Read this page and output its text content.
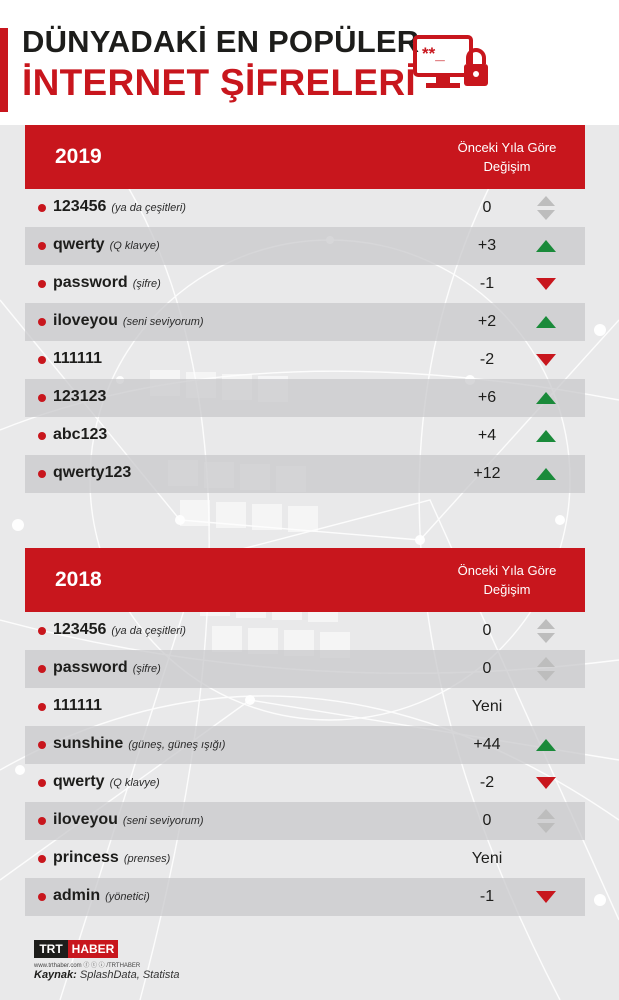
DÜNYADAKİ EN POPÜLER
İNTERNET ŞİFRELERİ
**_
2019	Önceki Yıla Göre
Değişim
123456 (ya da çeşitleri)	0
qwerty (Q klavye)	+3
password (şifre)	-1
iloveyou (seni seviyorum)	+2
111111	-2
123123	+6
abc123	+4
qwerty123	+12
2018	Önceki Yıla Göre
Değişim
123456 (ya da çeşitleri)	0
password (şifre)	0
111111	Yeni
sunshine (güneş, güneş ışığı)	+44
qwerty (Q klavye)	-2
iloveyou (seni seviyorum)	0
princess (prenses)	Yeni
admin (yönetici)	-1
TRT HABER
www.trthaber.com ⓕ ⓣ ⓘ /TRTHABER
Kaynak: SplashData, Statista
